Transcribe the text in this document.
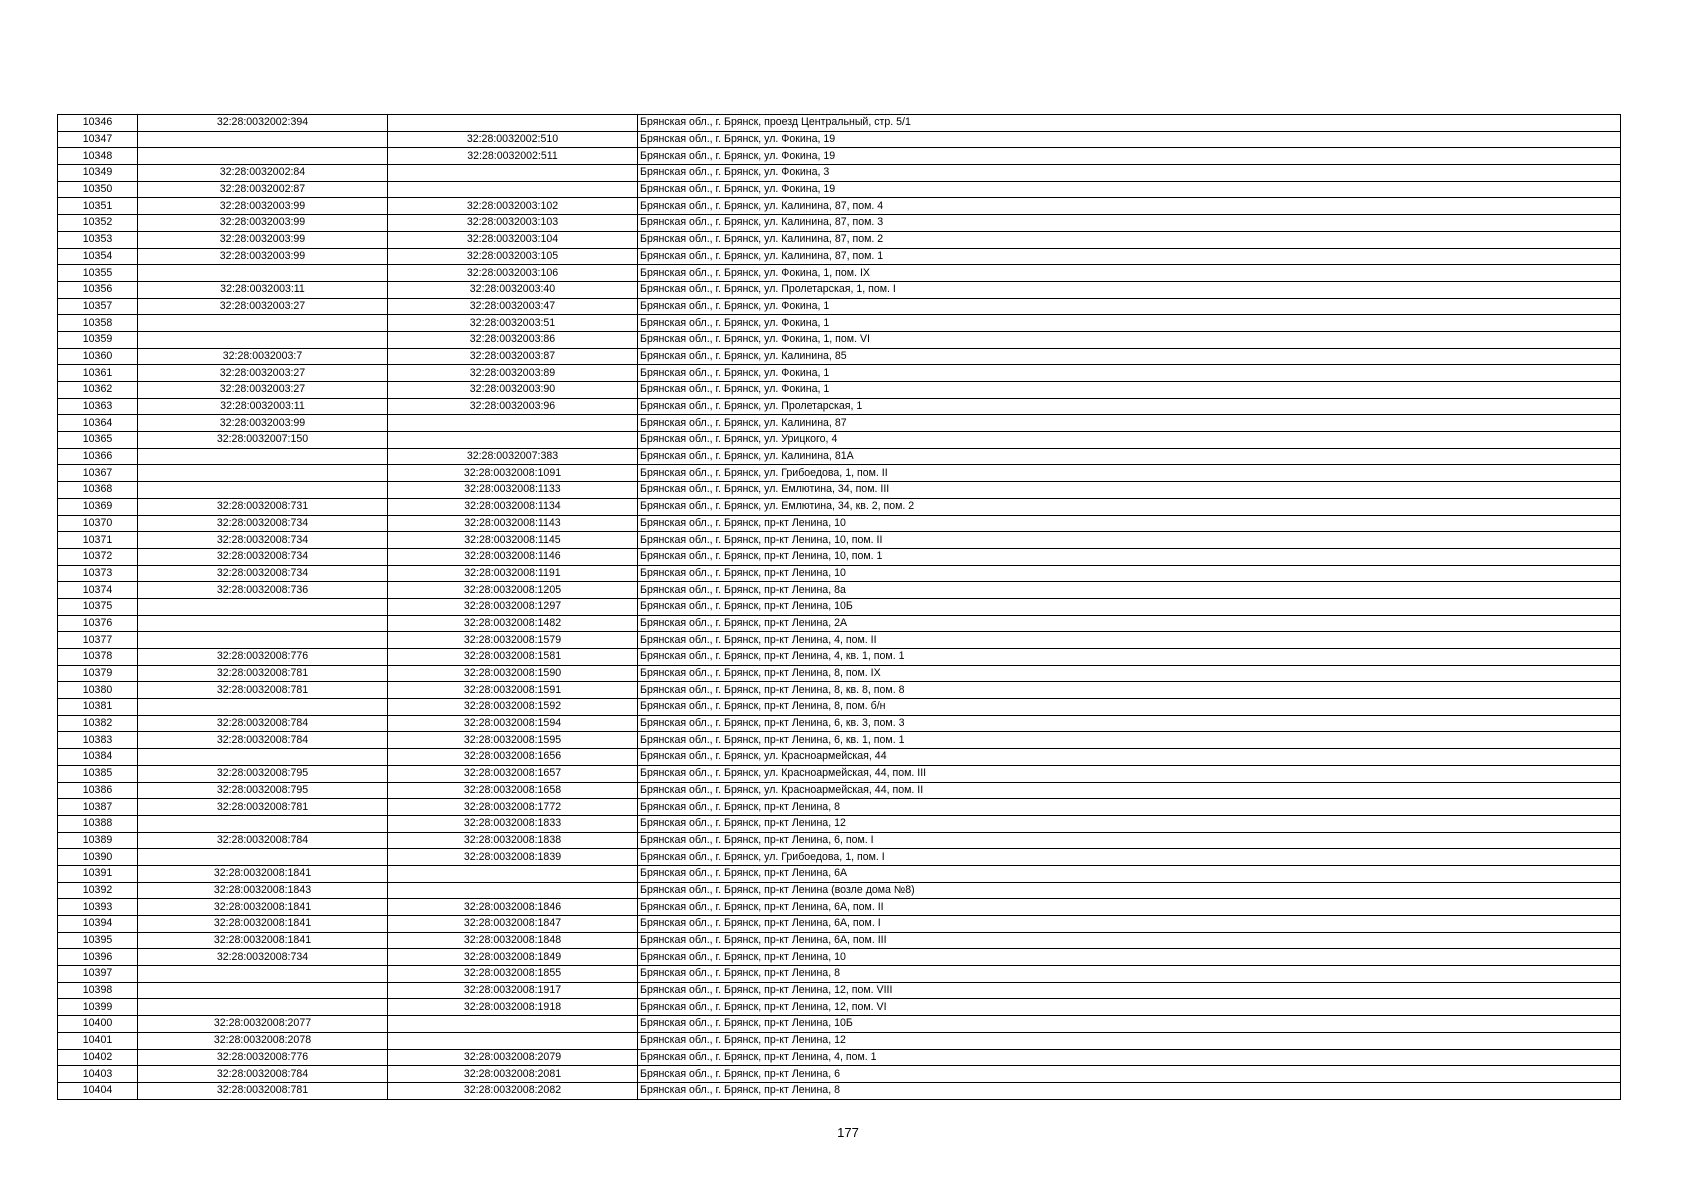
10346	32:28:0032002:394		Брянская обл., г. Брянск, проезд Центральный, стр. 5/1
10347		32:28:0032002:510	Брянская обл., г. Брянск, ул. Фокина, 19
10348		32:28:0032002:511	Брянская обл., г. Брянск, ул. Фокина, 19
10349	32:28:0032002:84		Брянская обл., г. Брянск, ул. Фокина, 3
10350	32:28:0032002:87		Брянская обл., г. Брянск, ул. Фокина, 19
10351	32:28:0032003:99	32:28:0032003:102	Брянская обл., г. Брянск, ул. Калинина, 87, пом. 4
10352	32:28:0032003:99	32:28:0032003:103	Брянская обл., г. Брянск, ул. Калинина, 87, пом. 3
10353	32:28:0032003:99	32:28:0032003:104	Брянская обл., г. Брянск, ул. Калинина, 87, пом. 2
10354	32:28:0032003:99	32:28:0032003:105	Брянская обл., г. Брянск, ул. Калинина, 87, пом. 1
10355		32:28:0032003:106	Брянская обл., г. Брянск, ул. Фокина, 1, пом. IX
10356	32:28:0032003:11	32:28:0032003:40	Брянская обл., г. Брянск, ул. Пролетарская, 1, пом. I
10357	32:28:0032003:27	32:28:0032003:47	Брянская обл., г. Брянск, ул. Фокина, 1
10358		32:28:0032003:51	Брянская обл., г. Брянск, ул. Фокина, 1
10359		32:28:0032003:86	Брянская обл., г. Брянск, ул. Фокина, 1, пом. VI
10360	32:28:0032003:7	32:28:0032003:87	Брянская обл., г. Брянск, ул. Калинина, 85
10361	32:28:0032003:27	32:28:0032003:89	Брянская обл., г. Брянск, ул. Фокина, 1
10362	32:28:0032003:27	32:28:0032003:90	Брянская обл., г. Брянск, ул. Фокина, 1
10363	32:28:0032003:11	32:28:0032003:96	Брянская обл., г. Брянск, ул. Пролетарская, 1
10364	32:28:0032003:99		Брянская обл., г. Брянск, ул. Калинина, 87
10365	32:28:0032007:150		Брянская обл., г. Брянск, ул. Урицкого, 4
10366		32:28:0032007:383	Брянская обл., г. Брянск, ул. Калинина, 81А
10367		32:28:0032008:1091	Брянская обл., г. Брянск, ул. Грибоедова, 1, пом. II
10368		32:28:0032008:1133	Брянская обл., г. Брянск, ул. Емлютина, 34, пом. III
10369	32:28:0032008:731	32:28:0032008:1134	Брянская обл., г. Брянск, ул. Емлютина, 34, кв. 2, пом. 2
10370	32:28:0032008:734	32:28:0032008:1143	Брянская обл., г. Брянск, пр-кт Ленина, 10
10371	32:28:0032008:734	32:28:0032008:1145	Брянская обл., г. Брянск, пр-кт Ленина, 10, пом. II
10372	32:28:0032008:734	32:28:0032008:1146	Брянская обл., г. Брянск, пр-кт Ленина, 10, пом. 1
10373	32:28:0032008:734	32:28:0032008:1191	Брянская обл., г. Брянск, пр-кт Ленина, 10
10374	32:28:0032008:736	32:28:0032008:1205	Брянская обл., г. Брянск, пр-кт Ленина, 8а
10375		32:28:0032008:1297	Брянская обл., г. Брянск, пр-кт Ленина, 10Б
10376		32:28:0032008:1482	Брянская обл., г. Брянск, пр-кт Ленина, 2А
10377		32:28:0032008:1579	Брянская обл., г. Брянск, пр-кт Ленина, 4, пом. II
10378	32:28:0032008:776	32:28:0032008:1581	Брянская обл., г. Брянск, пр-кт Ленина, 4, кв. 1, пом. 1
10379	32:28:0032008:781	32:28:0032008:1590	Брянская обл., г. Брянск, пр-кт Ленина, 8, пом. IX
10380	32:28:0032008:781	32:28:0032008:1591	Брянская обл., г. Брянск, пр-кт Ленина, 8, кв. 8, пом. 8
10381		32:28:0032008:1592	Брянская обл., г. Брянск, пр-кт Ленина, 8, пом. б/н
10382	32:28:0032008:784	32:28:0032008:1594	Брянская обл., г. Брянск, пр-кт Ленина, 6, кв. 3, пом. 3
10383	32:28:0032008:784	32:28:0032008:1595	Брянская обл., г. Брянск, пр-кт Ленина, 6, кв. 1, пом. 1
10384		32:28:0032008:1656	Брянская обл., г. Брянск, ул. Красноармейская, 44
10385	32:28:0032008:795	32:28:0032008:1657	Брянская обл., г. Брянск, ул. Красноармейская, 44, пом. III
10386	32:28:0032008:795	32:28:0032008:1658	Брянская обл., г. Брянск, ул. Красноармейская, 44, пом. II
10387	32:28:0032008:781	32:28:0032008:1772	Брянская обл., г. Брянск, пр-кт Ленина, 8
10388		32:28:0032008:1833	Брянская обл., г. Брянск, пр-кт Ленина, 12
10389	32:28:0032008:784	32:28:0032008:1838	Брянская обл., г. Брянск, пр-кт Ленина, 6, пом. I
10390		32:28:0032008:1839	Брянская обл., г. Брянск, ул. Грибоедова, 1, пом. I
10391	32:28:0032008:1841		Брянская обл., г. Брянск, пр-кт Ленина, 6А
10392	32:28:0032008:1843		Брянская обл., г. Брянск, пр-кт Ленина (возле дома №8)
10393	32:28:0032008:1841	32:28:0032008:1846	Брянская обл., г. Брянск, пр-кт Ленина, 6А, пом. II
10394	32:28:0032008:1841	32:28:0032008:1847	Брянская обл., г. Брянск, пр-кт Ленина, 6А, пом. I
10395	32:28:0032008:1841	32:28:0032008:1848	Брянская обл., г. Брянск, пр-кт Ленина, 6А, пом. III
10396	32:28:0032008:734	32:28:0032008:1849	Брянская обл., г. Брянск, пр-кт Ленина, 10
10397		32:28:0032008:1855	Брянская обл., г. Брянск, пр-кт Ленина, 8
10398		32:28:0032008:1917	Брянская обл., г. Брянск, пр-кт Ленина, 12, пом. VIII
10399		32:28:0032008:1918	Брянская обл., г. Брянск, пр-кт Ленина, 12, пом. VI
10400	32:28:0032008:2077		Брянская обл., г. Брянск, пр-кт Ленина, 10Б
10401	32:28:0032008:2078		Брянская обл., г. Брянск, пр-кт Ленина, 12
10402	32:28:0032008:776	32:28:0032008:2079	Брянская обл., г. Брянск, пр-кт Ленина, 4, пом. 1
10403	32:28:0032008:784	32:28:0032008:2081	Брянская обл., г. Брянск, пр-кт Ленина, 6
10404	32:28:0032008:781	32:28:0032008:2082	Брянская обл., г. Брянск, пр-кт Ленина, 8
177
